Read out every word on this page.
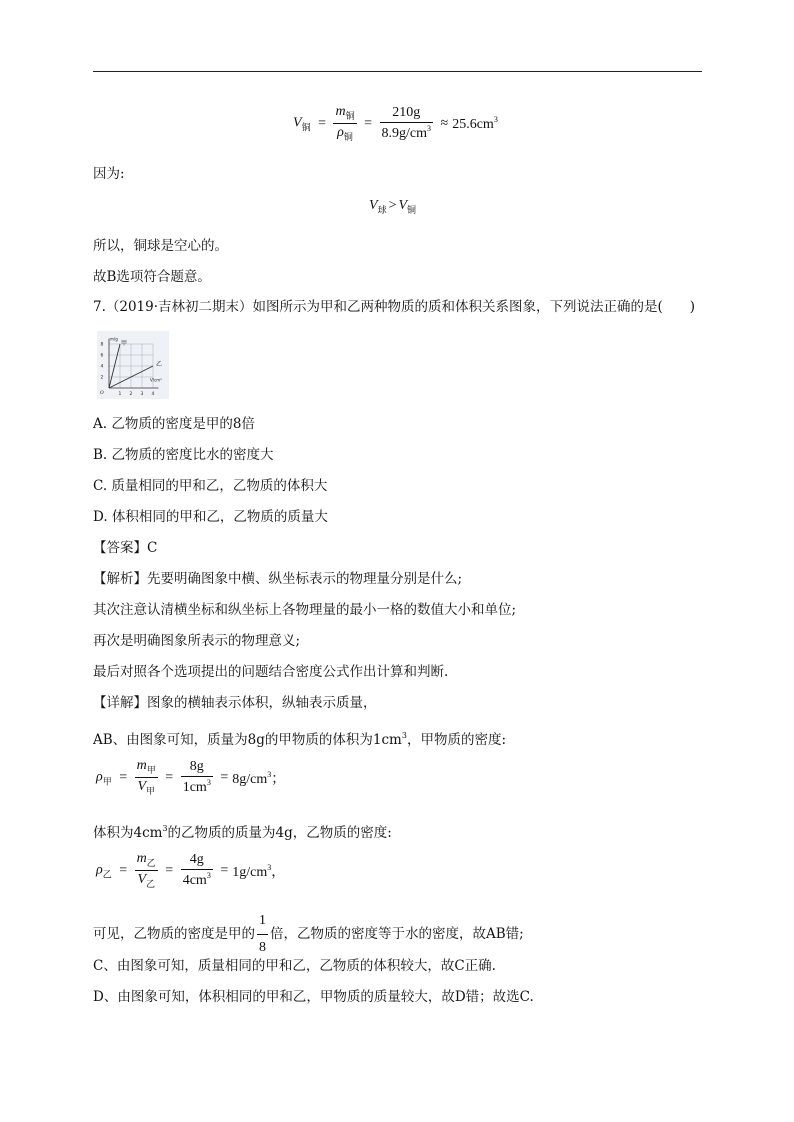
$V_铜 = \frac{m_铜}{\rho_铜} = \frac{210g}{8.9g/cm^3} \approx 25.6cm^3$
因为:
$V_球 > V_铜$
所以，铜球是空心的。
故B选项符合题意。
7.（2019·吉林初二期末）如图所示为甲和乙两种物质的质和体积关系图象，下列说法正确的是(　　)
甲
乙
1 2 3 4
2
4
6
8
O
m/g
V/cm³
A. 乙物质的密度是甲的8倍
B. 乙物质的密度比水的密度大
C. 质量相同的甲和乙，乙物质的体积大
D. 体积相同的甲和乙，乙物质的质量大
【答案】C
【解析】先要明确图象中横、纵坐标表示的物理量分别是什么;
其次注意认清横坐标和纵坐标上各物理量的最小一格的数值大小和单位;
再次是明确图象所表示的物理意义;
最后对照各个选项提出的问题结合密度公式作出计算和判断.
【详解】图象的横轴表示体积，纵轴表示质量，
AB、由图象可知，质量为8g的甲物质的体积为$1cm^3$，甲物质的密度:
$\rho_甲 = \frac{m_甲}{V_甲} = \frac{8g}{1cm^3} = 8g/cm^3$；
体积为$4cm^3$的乙物质的质量为4g，乙物质的密度:
$\rho_乙 = \frac{m_乙}{V_乙} = \frac{4g}{4cm^3} = 1g/cm^3$，
可见，乙物质的密度是甲的 $\frac{1}{8}$ 倍，乙物质的密度等于水的密度，故AB错;
C、由图象可知，质量相同的甲和乙，乙物质的体积较大，故C正确.
D、由图象可知，体积相同的甲和乙，甲物质的质量较大，故D错；故选C.
